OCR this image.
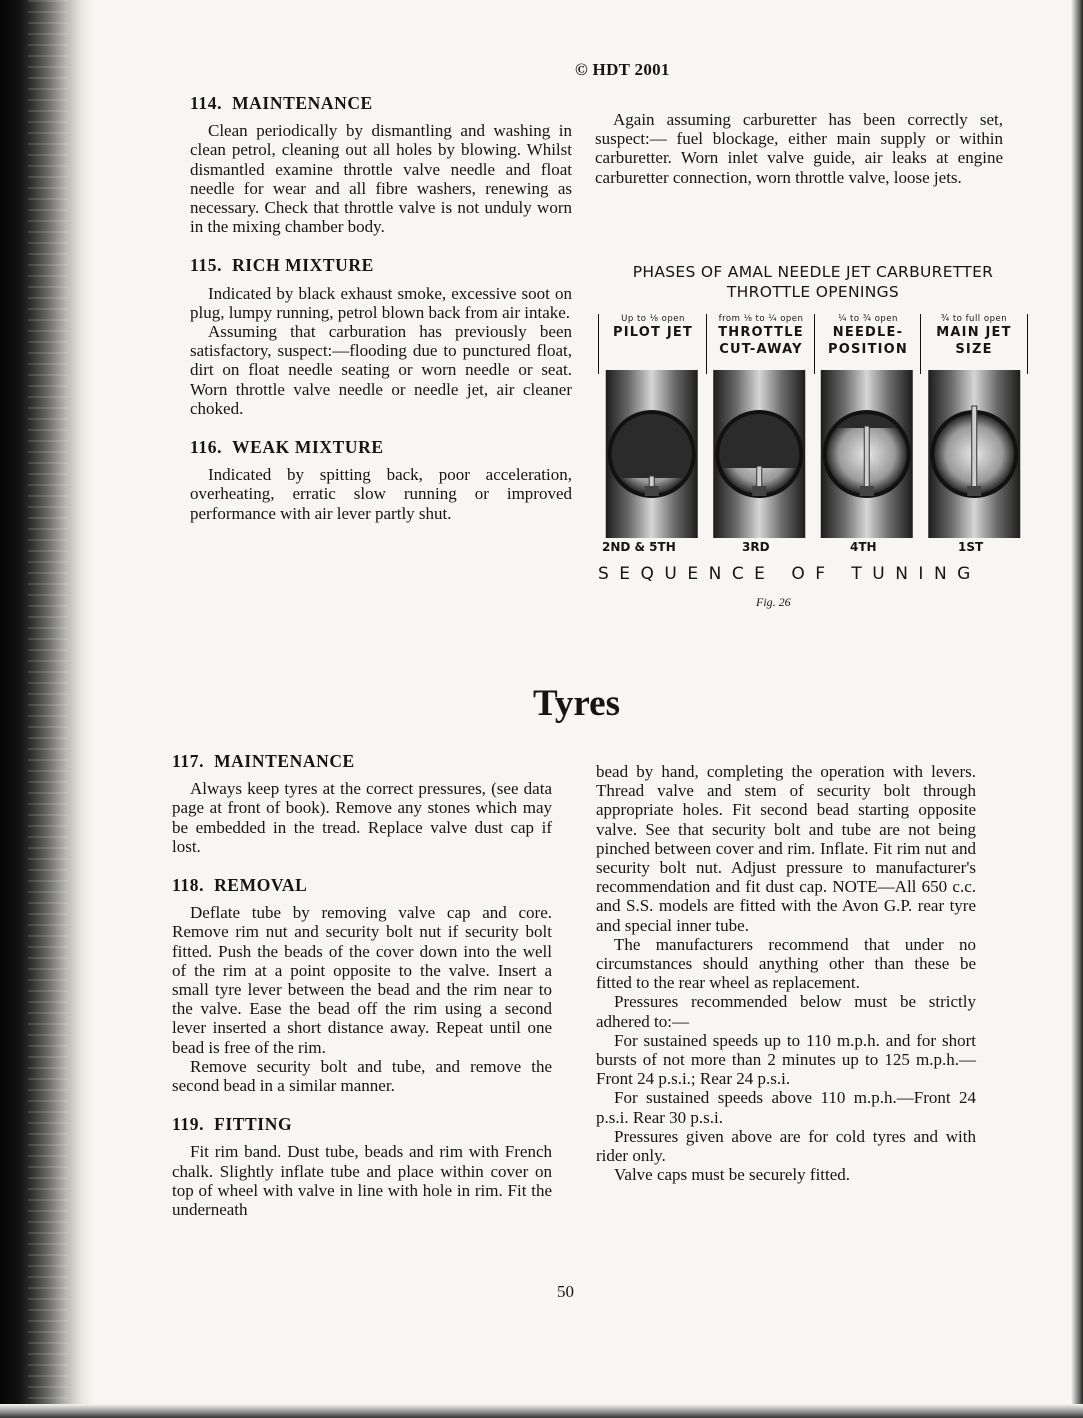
© HDT 2001
114. MAINTENANCE

Clean periodically by dismantling and washing in clean petrol, cleaning out all holes by blowing. Whilst dismantled examine throttle valve needle and float needle for wear and all fibre washers, renewing as necessary. Check that throttle valve is not unduly worn in the mixing chamber body.

115. RICH MIXTURE

Indicated by black exhaust smoke, excessive soot on plug, lumpy running, petrol blown back from air intake.

Assuming that carburation has previously been satisfactory, suspect:—flooding due to punctured float, dirt on float needle seating or worn needle or seat. Worn throttle valve needle or needle jet, air cleaner choked.

116. WEAK MIXTURE

Indicated by spitting back, poor acceleration, overheating, erratic slow running or improved performance with air lever partly shut.

Again assuming carburetter has been correctly set, suspect:— fuel blockage, either main supply or within carburetter. Worn inlet valve guide, air leaks at engine carburetter connection, worn throttle valve, loose jets.

PHASES OF AMAL NEEDLE JET CARBURETTER
THROTTLE OPENINGS
Up to ⅛ open
PILOT JET
from ⅛ to ¼ open
THROTTLE
CUT-AWAY
¼ to ¾ open
NEEDLE-
POSITION
¾ to full open
MAIN JET
SIZE
2ND & 5TH	3RD	4TH	1ST
SEQUENCE OF TUNING
Fig. 26
Tyres
117. MAINTENANCE

Always keep tyres at the correct pressures, (see data page at front of book). Remove any stones which may be embedded in the tread. Replace valve dust cap if lost.

118. REMOVAL

Deflate tube by removing valve cap and core. Remove rim nut and security bolt nut if security bolt fitted. Push the beads of the cover down into the well of the rim at a point opposite to the valve. Insert a small tyre lever between the bead and the rim near to the valve. Ease the bead off the rim using a second lever inserted a short distance away. Repeat until one bead is free of the rim.

Remove security bolt and tube, and remove the second bead in a similar manner.

119. FITTING

Fit rim band. Dust tube, beads and rim with French chalk. Slightly inflate tube and place within cover on top of wheel with valve in line with hole in rim. Fit the underneath

bead by hand, completing the operation with levers. Thread valve and stem of security bolt through appropriate holes. Fit second bead starting opposite valve. See that security bolt and tube are not being pinched between cover and rim. Inflate. Fit rim nut and security bolt nut. Adjust pressure to manufacturer's recommendation and fit dust cap. NOTE—All 650 c.c. and S.S. models are fitted with the Avon G.P. rear tyre and special inner tube.

The manufacturers recommend that under no circumstances should anything other than these be fitted to the rear wheel as replacement.

Pressures recommended below must be strictly adhered to:—

For sustained speeds up to 110 m.p.h. and for short bursts of not more than 2 minutes up to 125 m.p.h.—Front 24 p.s.i.; Rear 24 p.s.i.

For sustained speeds above 110 m.p.h.—Front 24 p.s.i. Rear 30 p.s.i.

Pressures given above are for cold tyres and with rider only.

Valve caps must be securely fitted.

50
